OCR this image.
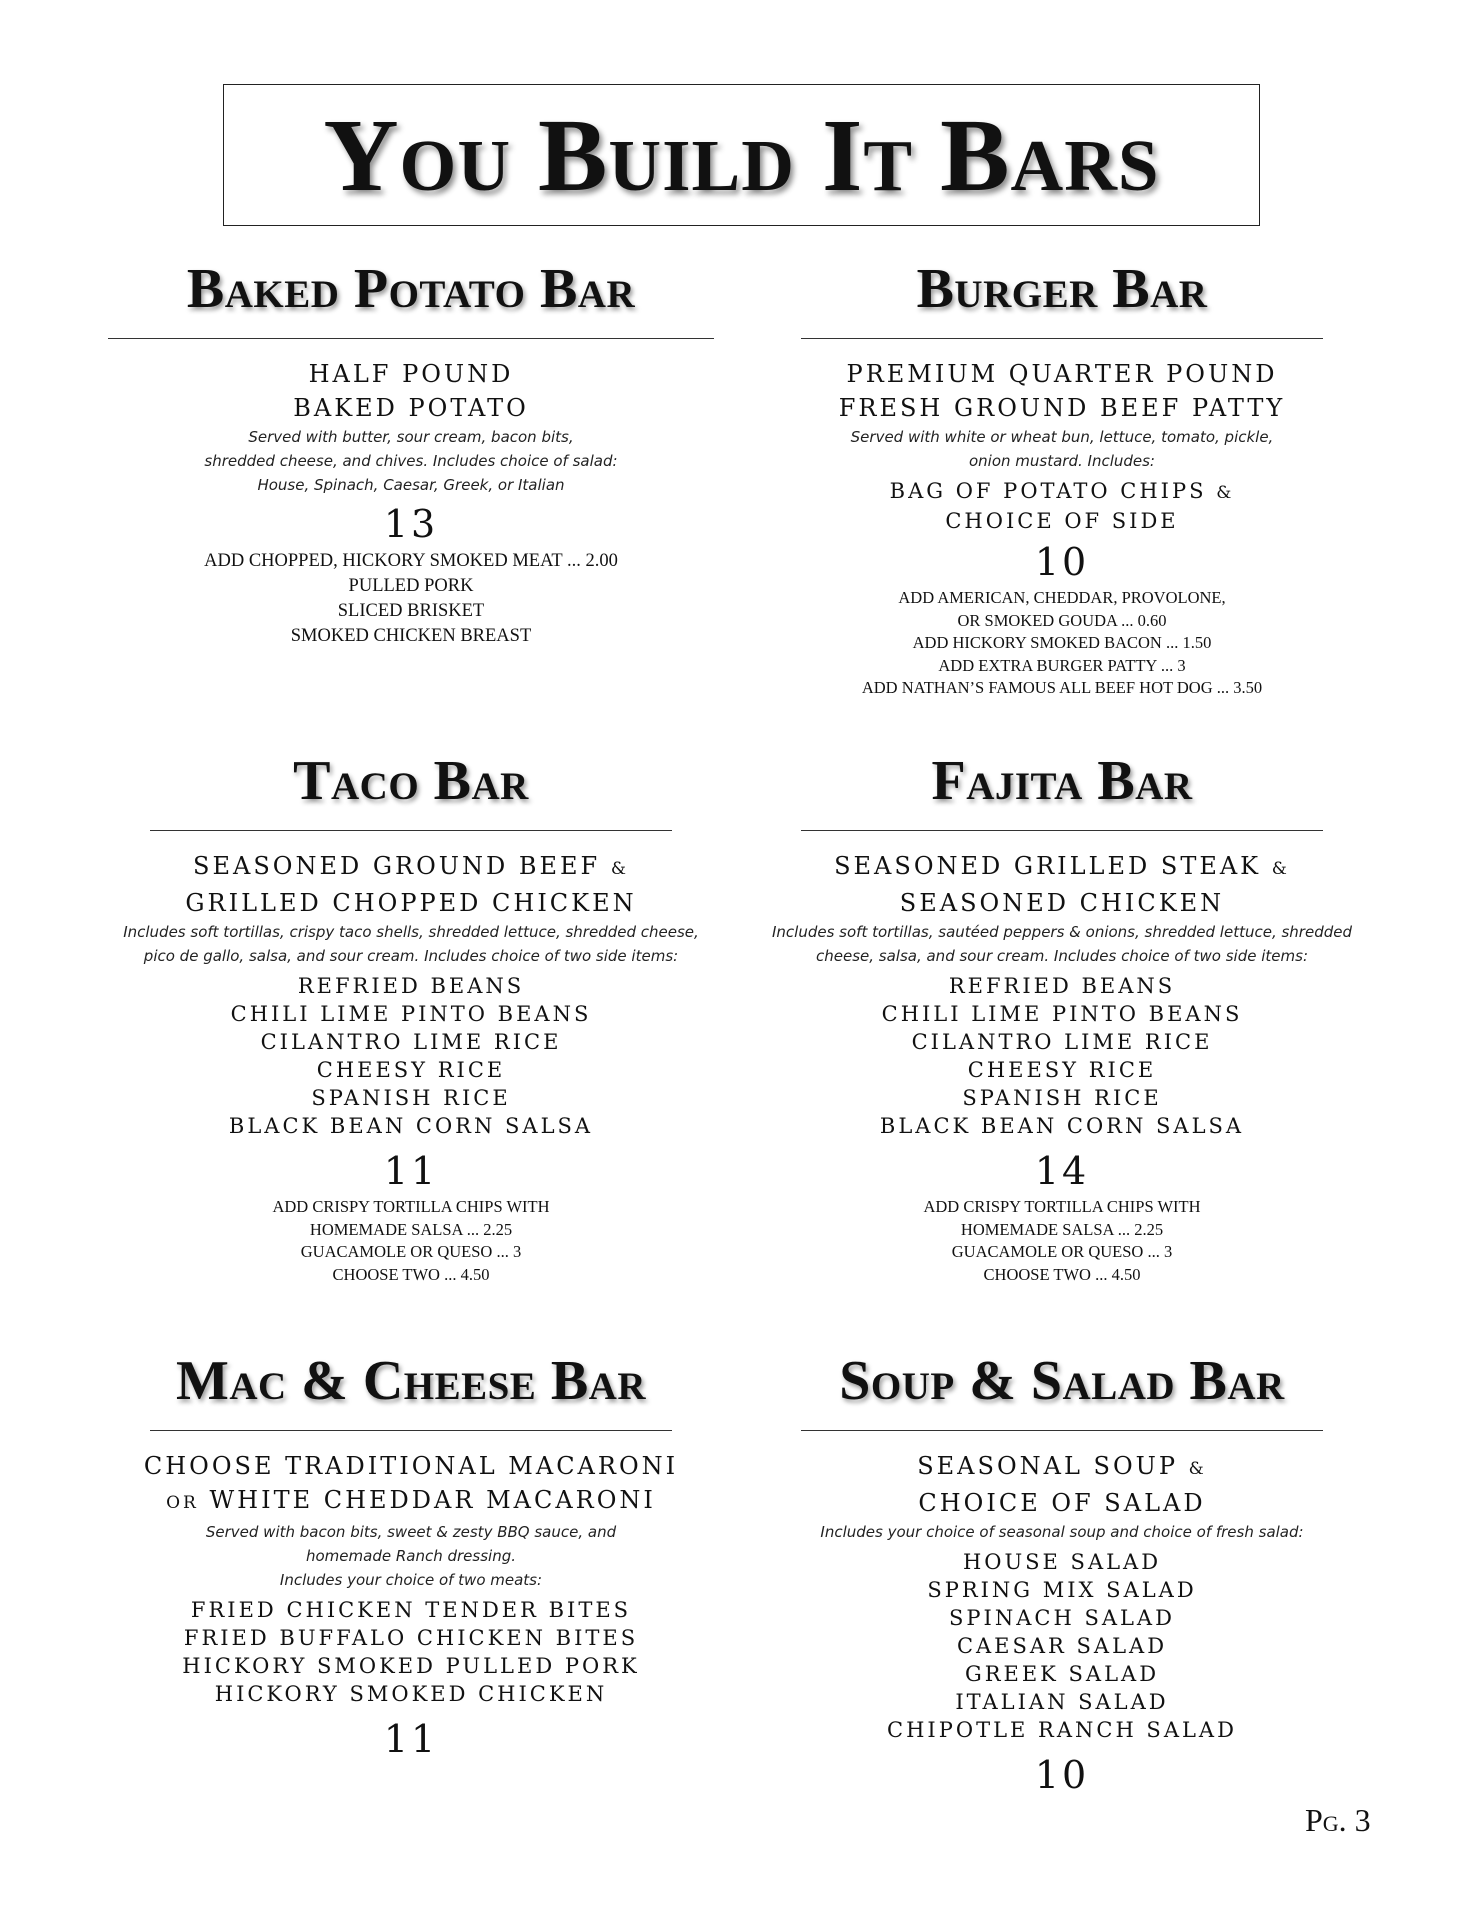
You Build It Bars
Baked Potato Bar
HALF POUND
BAKED POTATO
Served with butter, sour cream, bacon bits,
shredded cheese, and chives. Includes choice of salad:
House, Spinach, Caesar, Greek, or Italian
13
ADD CHOPPED, HICKORY SMOKED MEAT ... 2.00
PULLED PORK
SLICED BRISKET
SMOKED CHICKEN BREAST
Burger Bar
PREMIUM QUARTER POUND
FRESH GROUND BEEF PATTY
Served with white or wheat bun, lettuce, tomato, pickle,
onion mustard. Includes:
BAG OF POTATO CHIPS &
CHOICE OF SIDE
10
ADD AMERICAN, CHEDDAR, PROVOLONE,
OR SMOKED GOUDA ... 0.60
ADD HICKORY SMOKED BACON ... 1.50
ADD EXTRA BURGER PATTY ... 3
ADD NATHAN’S FAMOUS ALL BEEF HOT DOG ... 3.50
Taco Bar
SEASONED GROUND BEEF &
GRILLED CHOPPED CHICKEN
Includes soft tortillas, crispy taco shells, shredded lettuce, shredded cheese,
pico de gallo, salsa, and sour cream. Includes choice of two side items:
REFRIED BEANS
CHILI LIME PINTO BEANS
CILANTRO LIME RICE
CHEESY RICE
SPANISH RICE
BLACK BEAN CORN SALSA
11
ADD CRISPY TORTILLA CHIPS WITH
HOMEMADE SALSA ... 2.25
GUACAMOLE OR QUESO ... 3
CHOOSE TWO ... 4.50
Fajita Bar
SEASONED GRILLED STEAK &
SEASONED CHICKEN
Includes soft tortillas, sautéed peppers & onions, shredded lettuce, shredded
cheese, salsa, and sour cream. Includes choice of two side items:
REFRIED BEANS
CHILI LIME PINTO BEANS
CILANTRO LIME RICE
CHEESY RICE
SPANISH RICE
BLACK BEAN CORN SALSA
14
ADD CRISPY TORTILLA CHIPS WITH
HOMEMADE SALSA ... 2.25
GUACAMOLE OR QUESO ... 3
CHOOSE TWO ... 4.50
Mac & Cheese Bar
CHOOSE TRADITIONAL MACARONI
OR WHITE CHEDDAR MACARONI
Served with bacon bits, sweet & zesty BBQ sauce, and
homemade Ranch dressing.
Includes your choice of two meats:
FRIED CHICKEN TENDER BITES
FRIED BUFFALO CHICKEN BITES
HICKORY SMOKED PULLED PORK
HICKORY SMOKED CHICKEN
11
Soup & Salad Bar
SEASONAL SOUP &
CHOICE OF SALAD
Includes your choice of seasonal soup and choice of fresh salad:
HOUSE SALAD
SPRING MIX SALAD
SPINACH SALAD
CAESAR SALAD
GREEK SALAD
ITALIAN SALAD
CHIPOTLE RANCH SALAD
10
Pg. 3
